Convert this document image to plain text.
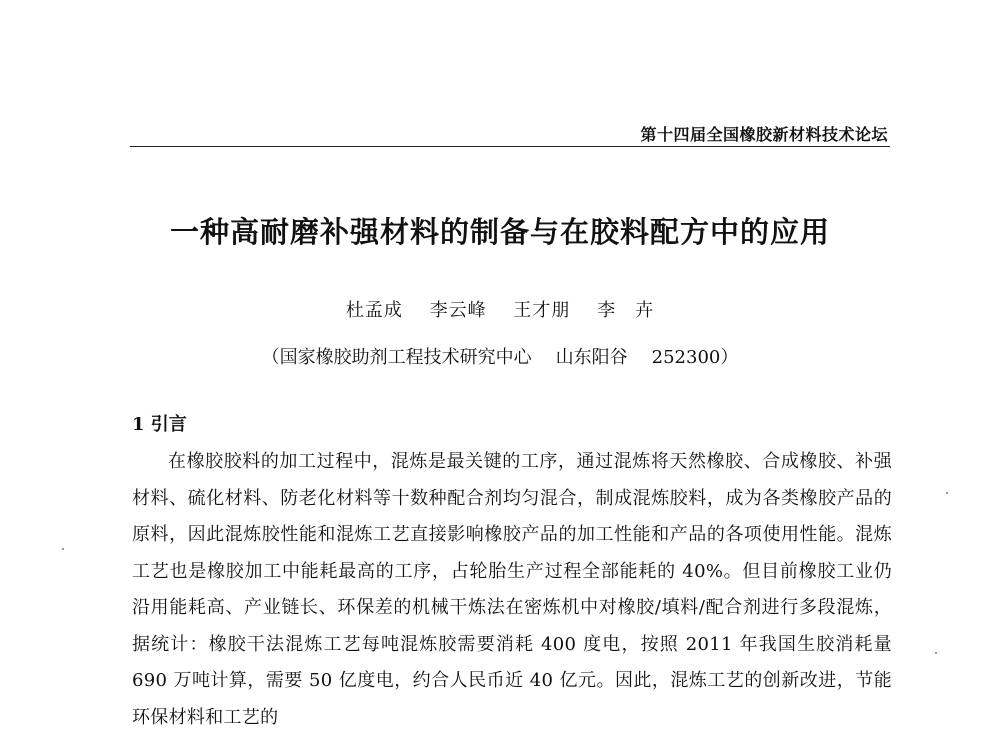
第十四届全国橡胶新材料技术论坛
一种高耐磨补强材料的制备与在胶料配方中的应用
杜孟成 李云峰 王才朋 李　卉
（国家橡胶助剂工程技术研究中心 山东阳谷 252300）
1 引言

在橡胶胶料的加工过程中，混炼是最关键的工序，通过混炼将天然橡胶、合成橡胶、补强材料、硫化材料、防老化材料等十数种配合剂均匀混合，制成混炼胶料，成为各类橡胶产品的原料，因此混炼胶性能和混炼工艺直接影响橡胶产品的加工性能和产品的各项使用性能。混炼工艺也是橡胶加工中能耗最高的工序，占轮胎生产过程全部能耗的 40%。但目前橡胶工业仍沿用能耗高、产业链长、环保差的机械干炼法在密炼机中对橡胶/填料/配合剂进行多段混炼，据统计：橡胶干法混炼工艺每吨混炼胶需要消耗 400 度电，按照 2011 年我国生胶消耗量 690 万吨计算，需要 50 亿度电，约合人民币近 40 亿元。因此，混炼工艺的创新改进，节能环保材料和工艺的
